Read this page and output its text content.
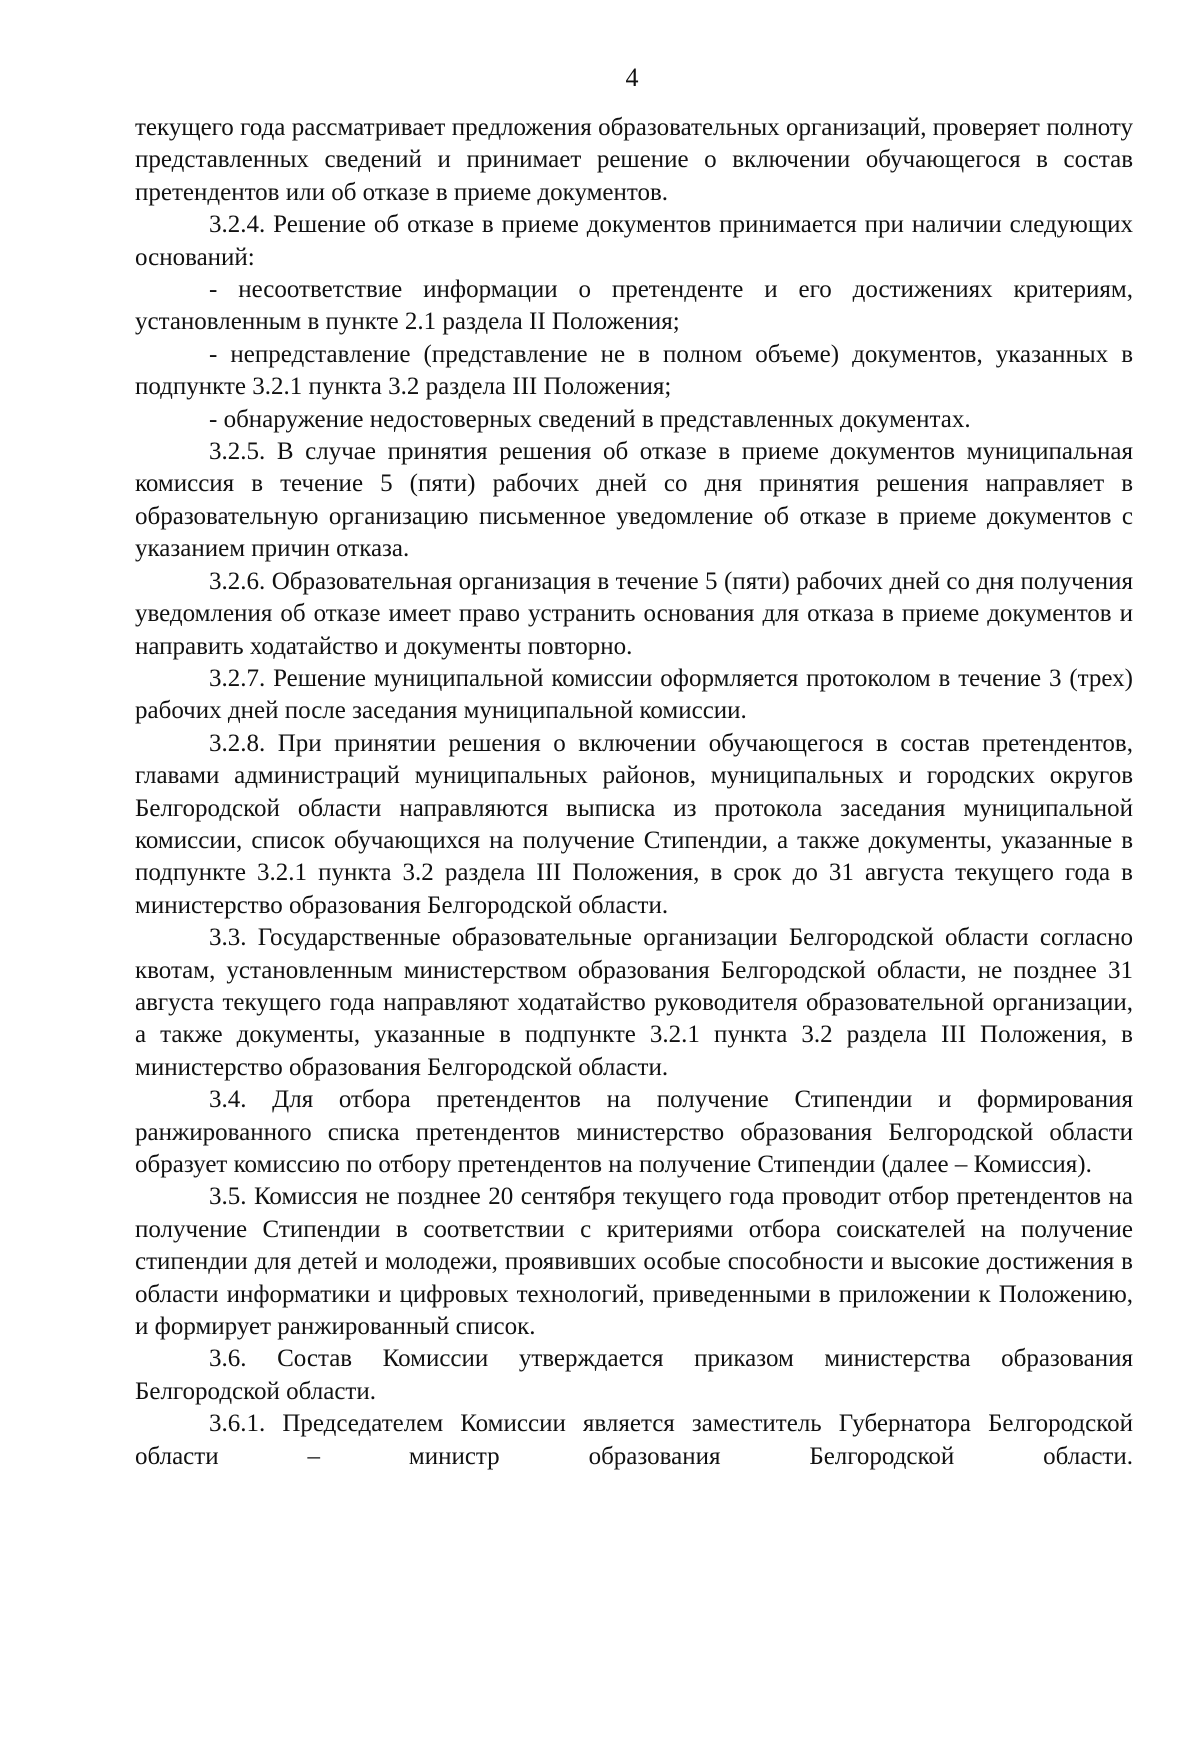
4

текущего года рассматривает предложения образовательных организаций, проверяет полноту представленных сведений и принимает решение о включении обучающегося в состав претендентов или об отказе в приеме документов.

3.2.4. Решение об отказе в приеме документов принимается при наличии следующих оснований:

- несоответствие информации о претенденте и его достижениях критериям, установленным в пункте 2.1 раздела II Положения;

- непредставление (представление не в полном объеме) документов, указанных в подпункте 3.2.1 пункта 3.2 раздела III Положения;

- обнаружение недостоверных сведений в представленных документах.

3.2.5. В случае принятия решения об отказе в приеме документов муниципальная комиссия в течение 5 (пяти) рабочих дней со дня принятия решения направляет в образовательную организацию письменное уведомление об отказе в приеме документов с указанием причин отказа.

3.2.6. Образовательная организация в течение 5 (пяти) рабочих дней со дня получения уведомления об отказе имеет право устранить основания для отказа в приеме документов и направить ходатайство и документы повторно.

3.2.7. Решение муниципальной комиссии оформляется протоколом в течение 3 (трех) рабочих дней после заседания муниципальной комиссии.

3.2.8. При принятии решения о включении обучающегося в состав претендентов, главами администраций муниципальных районов, муниципальных и городских округов Белгородской области направляются выписка из протокола заседания муниципальной комиссии, список обучающихся на получение Стипендии, а также документы, указанные в подпункте 3.2.1 пункта 3.2 раздела III Положения, в срок до 31 августа текущего года в министерство образования Белгородской области.

3.3. Государственные образовательные организации Белгородской области согласно квотам, установленным министерством образования Белгородской области, не позднее 31 августа текущего года направляют ходатайство руководителя образовательной организации, а также документы, указанные в подпункте 3.2.1 пункта 3.2 раздела III Положения, в министерство образования Белгородской области.

3.4. Для отбора претендентов на получение Стипендии и формирования ранжированного списка претендентов министерство образования Белгородской области образует комиссию по отбору претендентов на получение Стипендии (далее – Комиссия).

3.5. Комиссия не позднее 20 сентября текущего года проводит отбор претендентов на получение Стипендии в соответствии с критериями отбора соискателей на получение стипендии для детей и молодежи, проявивших особые способности и высокие достижения в области информатики и цифровых технологий, приведенными в приложении к Положению, и формирует ранжированный список.

3.6. Состав Комиссии утверждается приказом министерства образования Белгородской области.

3.6.1. Председателем Комиссии является заместитель Губернатора Белгородской области – министр образования Белгородской области.
